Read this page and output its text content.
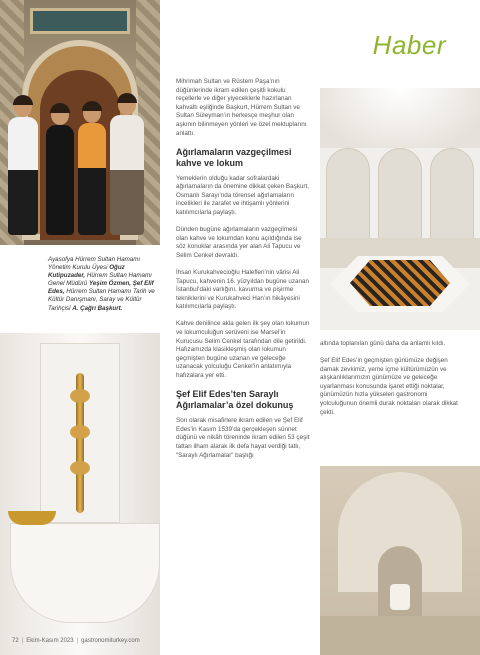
Ayasofya Hürrem Sultan Hamamı Yönetim Kurulu Üyesi Oğuz Kutipuzader, Hürrem Sultan Hamamı Genel Müdürü Yeşim Özmen, Şef Elif Edes, Hürrem Sultan Hamamı Tarih ve Kültür Danışmanı, Saray ve Kültür Tarihçisi A. Çağrı Başkurt.
Haber

Mihrimah Sultan ve Rüstem Paşa’nın düğünlerinde ikram edilen çeşitli kokulu reçellerle ve diğer yiyeceklerle hazırlanan kahvaltı eşliğinde Başkurt, Hürrem Sultan ve Sultan Süleyman’ın herkesçe meşhur olan aşkının bilinmeyen yönleri ve özel mektuplarını anlattı.

Ağırlamaların vazgeçilmesi kahve ve lokum

Yemeklerin olduğu kadar sofralardaki ağırlamaların da önemine dikkat çeken Başkurt, Osmanlı Sarayı’nda törensel ağırlamaların incelikleri ile zarafet ve ihtişamlı yönlerini katılımcılarla paylaştı.

Dünden bugüne ağırlamaların vazgeçilmesi olan kahve ve lokumdan konu açıldığında ise söz konuklar arasında yer alan Ali Tapucu ve Selim Cenkel devraldı.

İhsan Kurukahvecioğlu Halefleri’nin vârisi Ali Tapucu, kahvenin 16. yüzyıldan bugüne uzanan İstanbul’daki varlığını, kavurma ve pişirme tekniklerini ve Kurukahveci Han’ın hikâyesini katılımcılarla paylaştı.

Kahve denilince akla gelen ilk şey olan lokumun ve lokumculuğun serüveni ise Marsel’in Kurucusu Selim Cenkel tarafından dile getirildi. Hafızamızda klasikleşmiş olan lokumun geçmişten bugüne uzanan ve geleceğe uzanacak yolculuğu Cenkel’in anlatımıyla hafızalara yer etti.

Şef Elif Edes’ten Saraylı Ağırlamalar’a özel dokunuş

Son olarak misafirlere ikram edilen ve Şef Elif Edes’in Kasım 1539’da gerçekleşen sünnet düğünü ve nikâh töreninde ikram edilen 53 çeşit tattan ilham alarak ilk defa hayat verdiği tatlı, “Saraylı Ağırlamalar” başlığı

altında toplanılan günü daha da anlamlı kıldı.

Şef Elif Edes’in geçmişten günümüze değişen damak zevkimiz, yeme içme kültürümüzün ve alışkanlıklarımızın günümüze ve geleceğe uyarlanması konusunda işaret ettiği noktalar, günümüzün hızla yükselen gastronomi yolculuğunun önemli durak noktaları olarak dikkat çekti.

72 | Ekim-Kasım 2023 | gastronomiturkey.com
